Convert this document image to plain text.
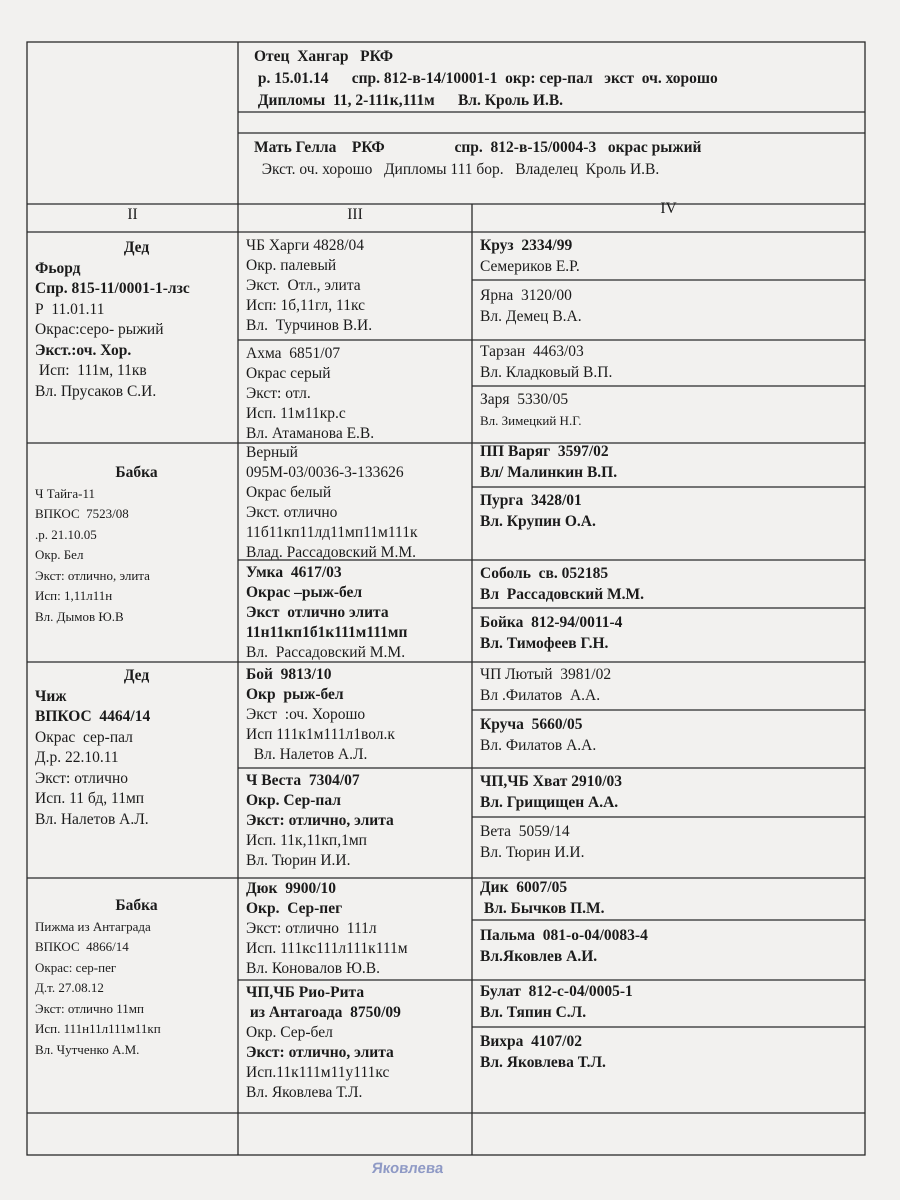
Отец  Хангар   РКФ
р. 15.01.14      спр. 812-в-14/10001-1  окр: сер-пал   экст  оч. хорошо
Дипломы  11, 2-111к,111м      Вл. Кроль И.В.
Мать Гелла    РКФ                  спр.  812-в-15/0004-3   окрас рыжий
Экст. оч. хорошо   Дипломы 111 бор.   Владелец  Кроль И.В.
II	III	IV
Дед
Фьорд
Спр. 815-11/0001-1-лзс
Р  11.01.11
Окрас:серо- рыжий
Экст.:оч. Хор.
Исп:  111м, 11кв
Вл. Прусаков С.И.
Бабка
Ч Тайга-11
ВПКОС  7523/08
.р. 21.10.05
Окр. Бел
Экст: отлично, элита
Исп: 1,11л11н
Вл. Дымов Ю.В
Дед
Чиж
ВПКОС  4464/14
Окрас  сер-пал
Д.р. 22.10.11
Экст: отлично
Исп. 11 бд, 11мп
Вл. Налетов А.Л.
Бабка
Пижма из Антаграда
ВПКОС  4866/14
Окрас: сер-пег
Д.т. 27.08.12
Экст: отлично 11мп
Исп. 111н11л111м11кп
Вл. Чутченко А.М.
ЧБ Харги 4828/04
Окр. палевый
Экст.  Отл., элита
Исп: 1б,11гл, 11кс
Вл.  Турчинов В.И.
Ахма  6851/07
Окрас серый
Экст: отл.
Исп. 11м11кр.с
Вл. Атаманова Е.В.
Верный
095М-03/0036-3-133626
Окрас белый
Экст. отлично
11б11кп11лд11мп11м111к
Влад. Рассадовский М.М.
Умка  4617/03
Окрас –рыж-бел
Экст  отлично элита
11н11кп1б1к111м111мп
Вл.  Рассадовский М.М.
Бой  9813/10
Окр  рыж-бел
Экст  :оч. Хорошо
Исп 111к1м111л1вол.к
Вл. Налетов А.Л.
Ч Веста  7304/07
Окр. Сер-пал
Экст: отлично, элита
Исп. 11к,11кп,1мп
Вл. Тюрин И.И.
Дюк  9900/10
Окр.  Сер-пег
Экст: отлично  111л
Исп. 111кс111л111к111м
Вл. Коновалов Ю.В.
ЧП,ЧБ Рио-Рита
из Антагоада  8750/09
Окр. Сер-бел
Экст: отлично, элита
Исп.11к111м11у111кс
Вл. Яковлева Т.Л.
Круз  2334/99
Семериков Е.Р.
Ярна  3120/00
Вл. Демец В.А.
Тарзан  4463/03
Вл. Кладковый В.П.
Заря  5330/05
Вл. Зимецкий Н.Г.
ПП Варяг  3597/02
Вл/ Малинкин В.П.
Пурга  3428/01
Вл. Крупин О.А.
Соболь  св. 052185
Вл  Рассадовский М.М.
Бойка  812-94/0011-4
Вл. Тимофеев Г.Н.
ЧП Лютый  3981/02
Вл .Филатов  А.А.
Круча  5660/05
Вл. Филатов А.А.
ЧП,ЧБ Хват 2910/03
Вл. Грищищен А.А.
Вета  5059/14
Вл. Тюрин И.И.
Дик  6007/05
Вл. Бычков П.М.
Пальма  081-о-04/0083-4
Вл.Яковлев А.И.
Булат  812-с-04/0005-1
Вл. Тяпин С.Л.
Вихра  4107/02
Вл. Яковлева Т.Л.
Яковлева
